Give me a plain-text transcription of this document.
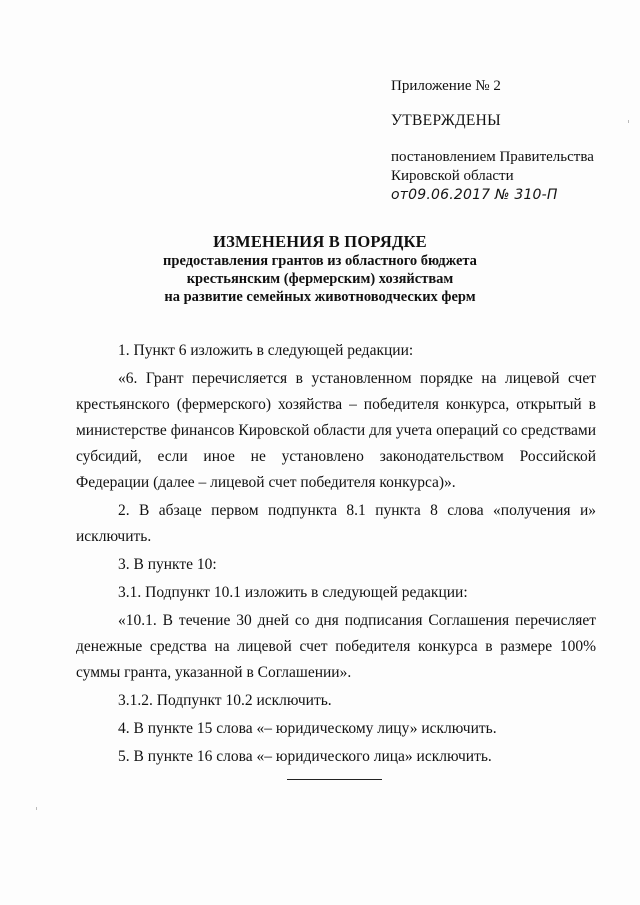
Приложение № 2

УТВЕРЖДЕНЫ

постановлением Правительства

Кировской области

от09.06.2017 № 310-П

ИЗМЕНЕНИЯ В ПОРЯДКЕ
предоставления грантов из областного бюджета
крестьянским (фермерским) хозяйствам
на развитие семейных животноводческих ферм

1. Пункт 6 изложить в следующей редакции:

«6. Грант перечисляется в установленном порядке на лицевой счет крестьянского (фермерского) хозяйства – победителя конкурса, открытый в министерстве финансов Кировской области для учета операций со средствами субсидий, если иное не установлено законодательством Российской Федерации (далее – лицевой счет победителя конкурса)».

2. В абзаце первом подпункта 8.1 пункта 8 слова «получения и» исключить.

3. В пункте 10:

3.1. Подпункт 10.1 изложить в следующей редакции:

«10.1. В течение 30 дней со дня подписания Соглашения перечисляет денежные средства на лицевой счет победителя конкурса в размере 100% суммы гранта, указанной в Соглашении».

3.1.2. Подпункт 10.2 исключить.

4. В пункте 15 слова «– юридическому лицу» исключить.

5. В пункте 16 слова «– юридического лица» исключить.
